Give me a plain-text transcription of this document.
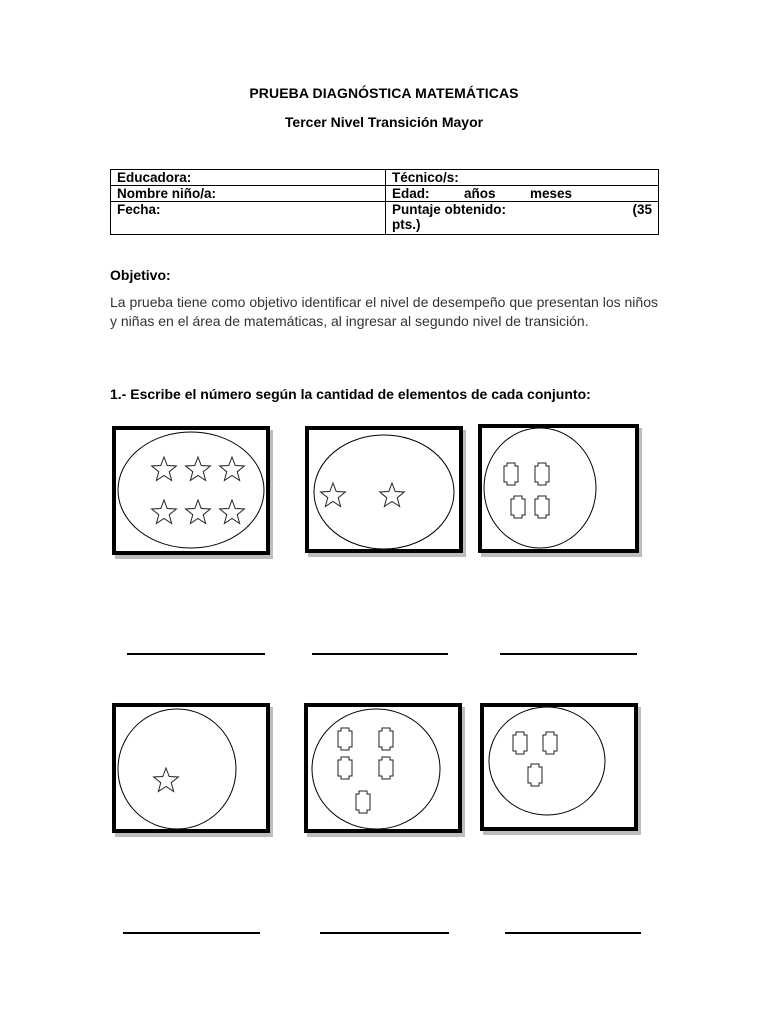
PRUEBA DIAGNÓSTICA MATEMÁTICAS
Tercer Nivel Transición Mayor
Educadora:	Técnico/s:
Nombre niño/a:	Edad: años meses

Fecha:	Puntaje obtenido: (35
pts.)
Objetivo:
La prueba tiene como objetivo identificar el nivel de desempeño que presentan los niños y niñas en el área de matemáticas, al ingresar al segundo nivel de transición.
1.- Escribe el número según la cantidad de elementos de cada conjunto:
